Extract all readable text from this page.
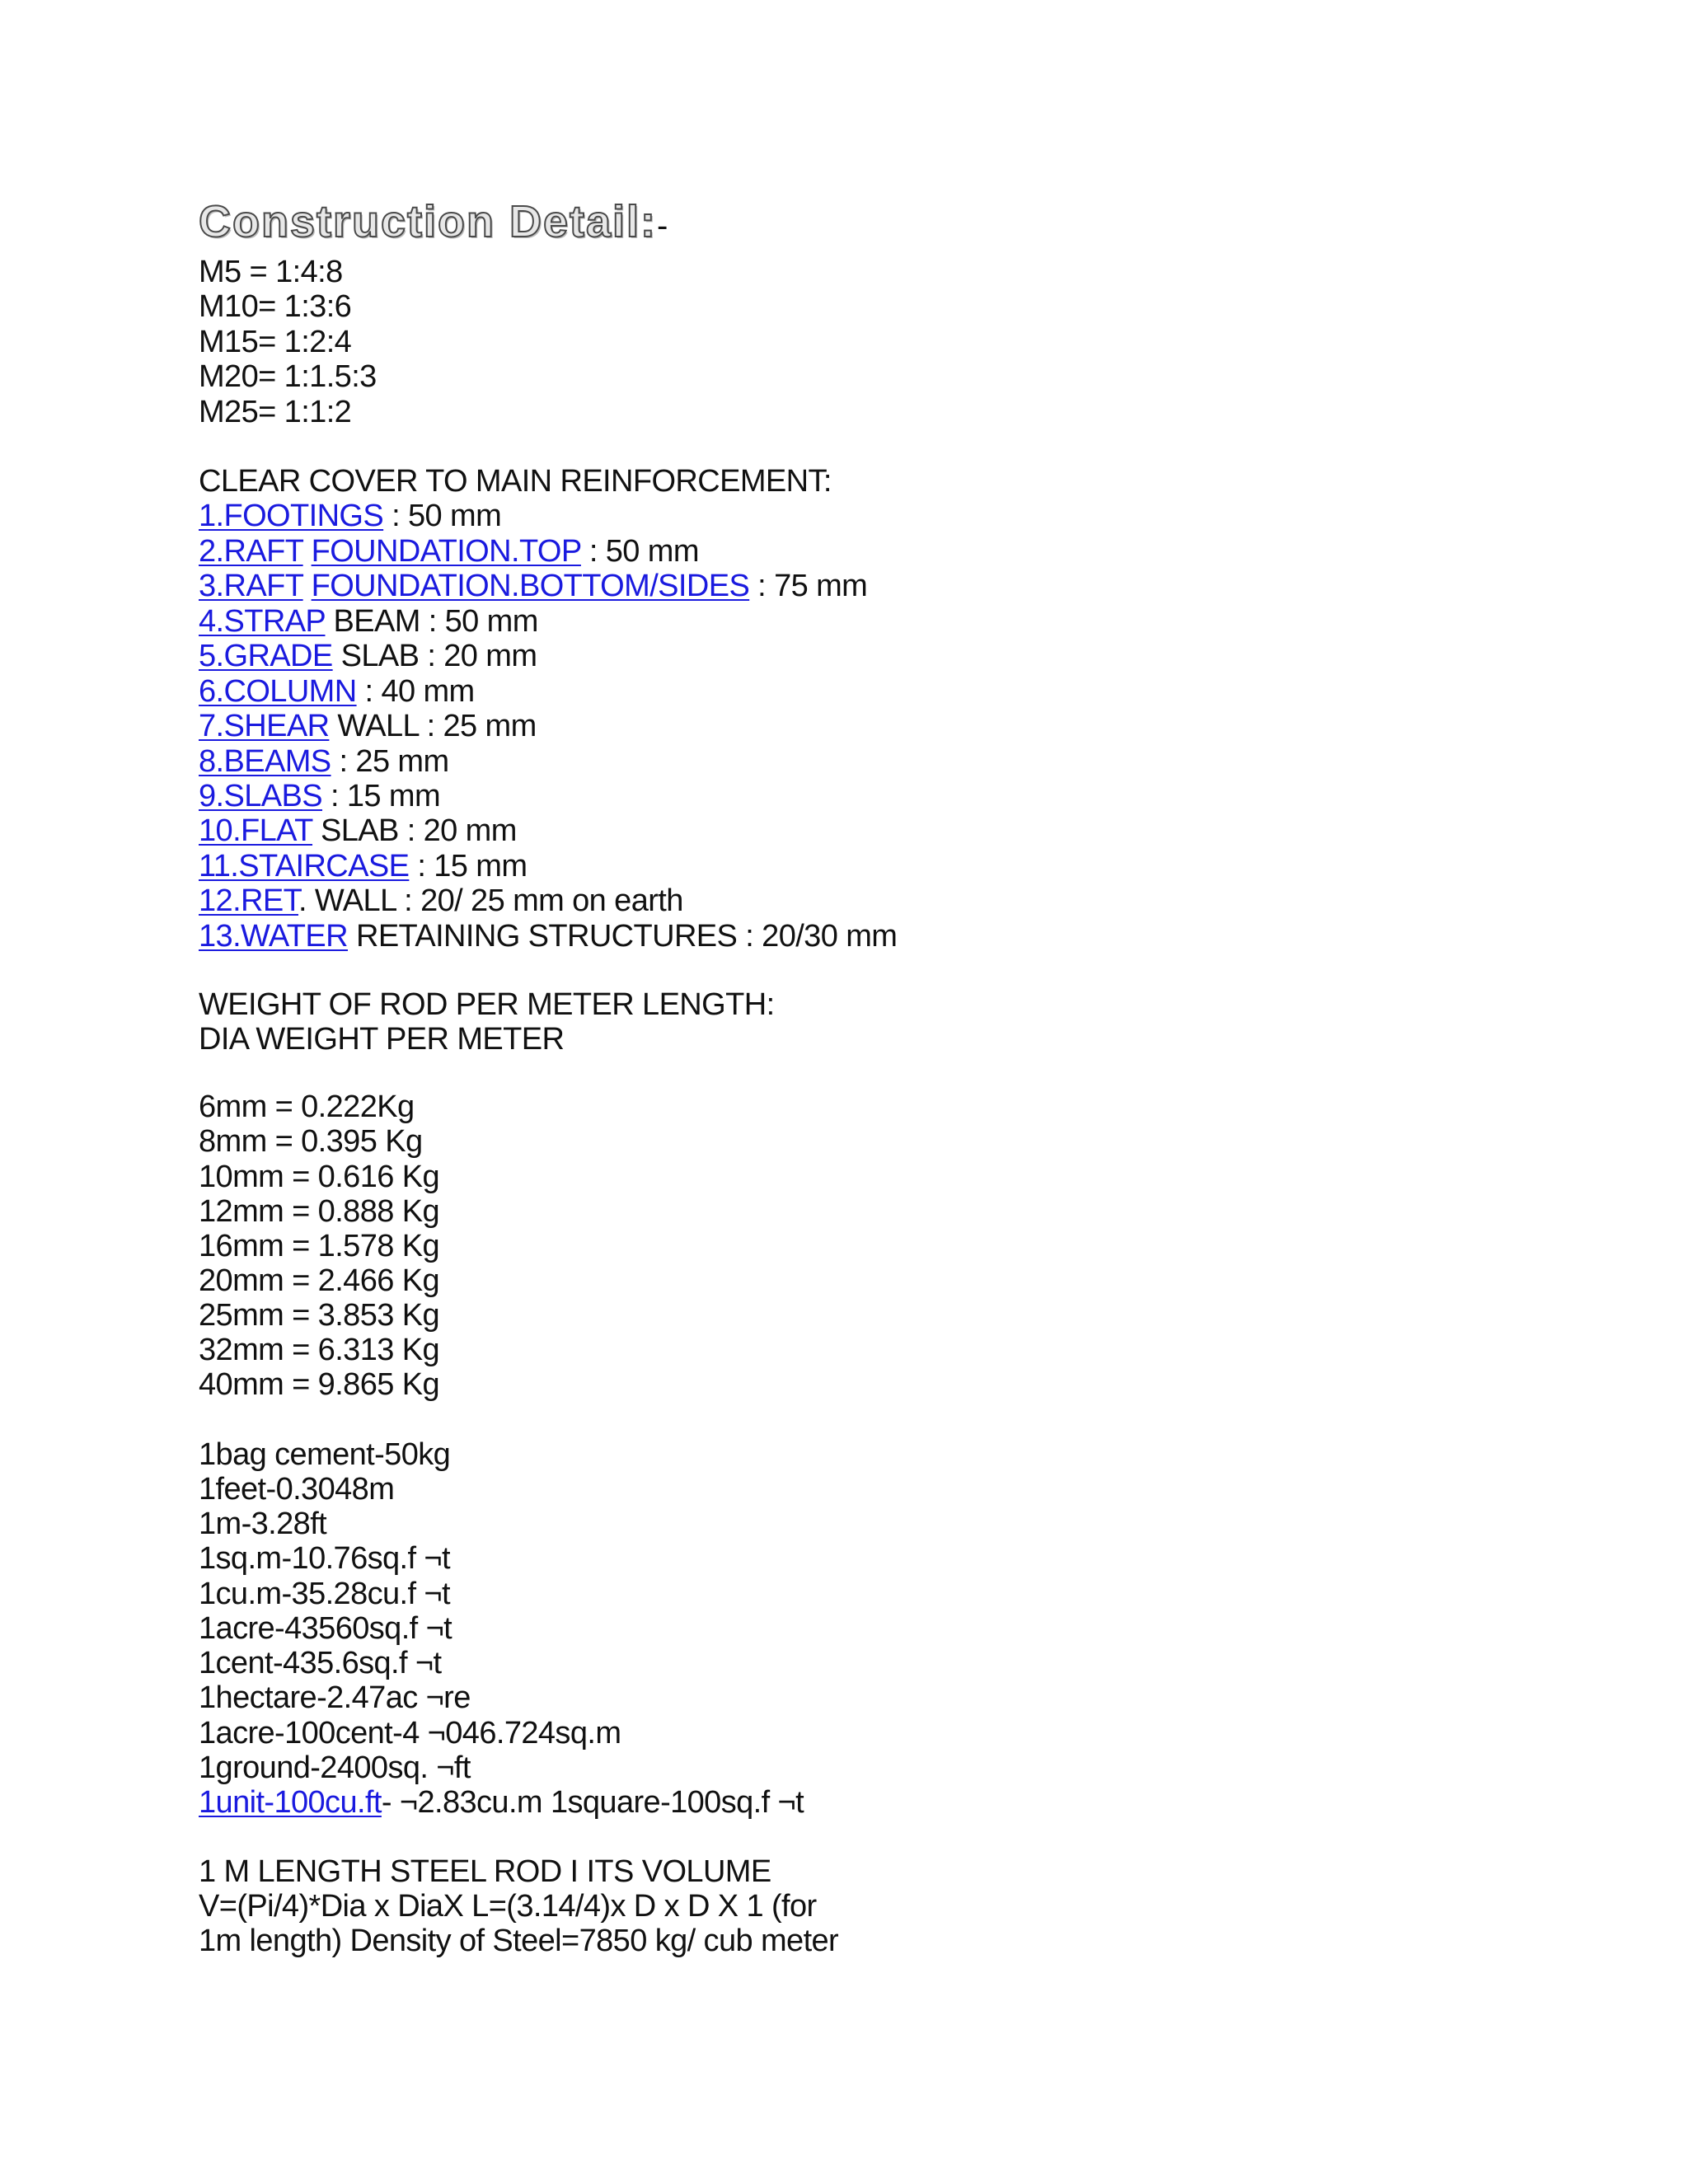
Construction Detail:-
M5 = 1:4:8
M10= 1:3:6
M15= 1:2:4
M20= 1:1.5:3
M25= 1:1:2
CLEAR COVER TO MAIN REINFORCEMENT:
1.FOOTINGS : 50 mm
2.RAFT FOUNDATION.TOP : 50 mm
3.RAFT FOUNDATION.BOTTOM/SIDES : 75 mm
4.STRAP BEAM : 50 mm
5.GRADE SLAB : 20 mm
6.COLUMN : 40 mm
7.SHEAR WALL : 25 mm
8.BEAMS : 25 mm
9.SLABS : 15 mm
10.FLAT SLAB : 20 mm
11.STAIRCASE : 15 mm
12.RET. WALL : 20/ 25 mm on earth
13.WATER RETAINING STRUCTURES : 20/30 mm
WEIGHT OF ROD PER METER LENGTH:
DIA WEIGHT PER METER
6mm = 0.222Kg
8mm = 0.395 Kg
10mm = 0.616 Kg
12mm = 0.888 Kg
16mm = 1.578 Kg
20mm = 2.466 Kg
25mm = 3.853 Kg
32mm = 6.313 Kg
40mm = 9.865 Kg
1bag cement-50kg
1feet-0.3048m
1m-3.28ft
1sq.m-10.76sq.f ¬t
1cu.m-35.28cu.f ¬t
1acre-43560sq.f ¬t
1cent-435.6sq.f ¬t
1hectare-2.47ac ¬re
1acre-100cent-4 ¬046.724sq.m
1ground-2400sq. ¬ft
1unit-100cu.ft- ¬2.83cu.m 1square-100sq.f ¬t
1 M LENGTH STEEL ROD I ITS VOLUME
V=(Pi/4)*Dia x DiaX L=(3.14/4)x D x D X 1 (for
1m length) Density of Steel=7850 kg/ cub meter
